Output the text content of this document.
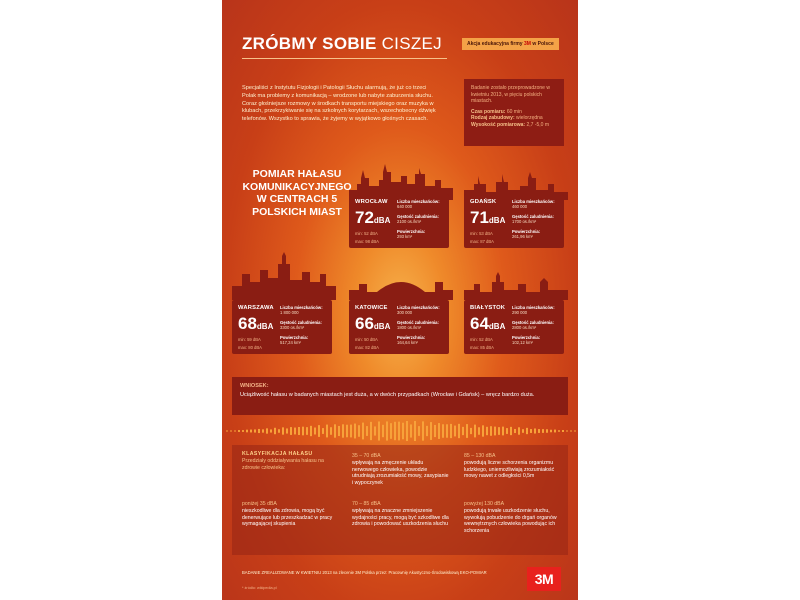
ZRÓBMY SOBIE CISZEJ	Akcja edukacyjna firmy 3M w Polsce
Specjaliści z Instytutu Fizjologii i Patologii Słuchu alarmują, że już co trzeci Polak ma problemy z komunikacją – wrodzone lub nabyte zaburzenia słuchu. Coraz głośniejsze rozmowy w środkach transportu miejskiego oraz muzyka w klubach, przekrzykiwanie się na szkolnych korytarzach, wszechobecny dźwięk telefonów. Wszystko to sprawia, że żyjemy w wyjątkowo głośnych czasach.
Badanie zostało przeprowadzone w kwietniu 2013, w pięciu polskich miastach.
Czas pomiaru: 60 min
Rodzaj zabudowy: wielorzędna
Wysokość pomiarowa: 2,7 -5,0 m
POMIAR HAŁASU KOMUNIKACYJNEGO W CENTRACH 5 POLSKICH MIAST
WROCŁAW
72dBA
min: 52 dBA
max: 98 dBA
Liczba mieszkańców:
640 000
Gęstość zaludnienia:
2100 os./km²
Powierzchnia:
293 km²
GDAŃSK
71dBA
min: 53 dBA
max: 87 dBA
Liczba mieszkańców:
460 000
Gęstość zaludnienia:
1700 os./km²
Powierzchnia:
261,96 km²
WARSZAWA
68dBA
min: 59 dBA
max: 80 dBA
Liczba mieszkańców:
1 800 000
Gęstość zaludnienia:
3300 os./km²
Powierzchnia:
517,24 km²
KATOWICE
66dBA
min: 50 dBA
max: 82 dBA
Liczba mieszkańców:
300 000
Gęstość zaludnienia:
1800 os./km²
Powierzchnia:
164,64 km²
BIAŁYSTOK
64dBA
min: 52 dBA
max: 85 dBA
Liczba mieszkańców:
290 000
Gęstość zaludnienia:
2800 os./km²
Powierzchnia:
102,12 km²
WNIOSEK:
Uciążliwość hałasu w badanych miastach jest duża, a w dwóch przypadkach (Wrocław i Gdańsk) – wręcz bardzo duża.
KLASYFIKACJA HAŁASU
Przedziały oddziaływania hałasu na zdrowie człowieka:
poniżej 35 dBA
nieszkodliwe dla zdrowia, mogą być denerwujące lub przeszkadzać w pracy wymagającej skupienia
35 – 70 dBA
wpływają na zmęczenie układu nerwowego człowieka, powodzie utrudniają zrozumiałość mowy, zasypianie i wypoczynek
70 – 85 dBA
wpływają na znaczne zmniejszenie wydajności pracy, mogą być szkodliwe dla zdrowia i powodować uszkodzenia słuchu
85 – 130 dBA
powodują liczne schorzenia organizmu ludzkiego, uniemożliwiają zrozumiałość mowy nawet z odległości 0,5m
powyżej 130 dBA
powodują trwałe uszkodzenie słuchu, wywołują pobudzenie do drgań organów wewnętrznych człowieka powodując ich schorzenia
BADANIE ZREALIZOWANE W KWIETNIU 2013 na zlecenie 3M Polska przez: Pracownię Akustyczno-Środowiskową EKO-POMIAR
* źródło: wikipedia.pl
3M
